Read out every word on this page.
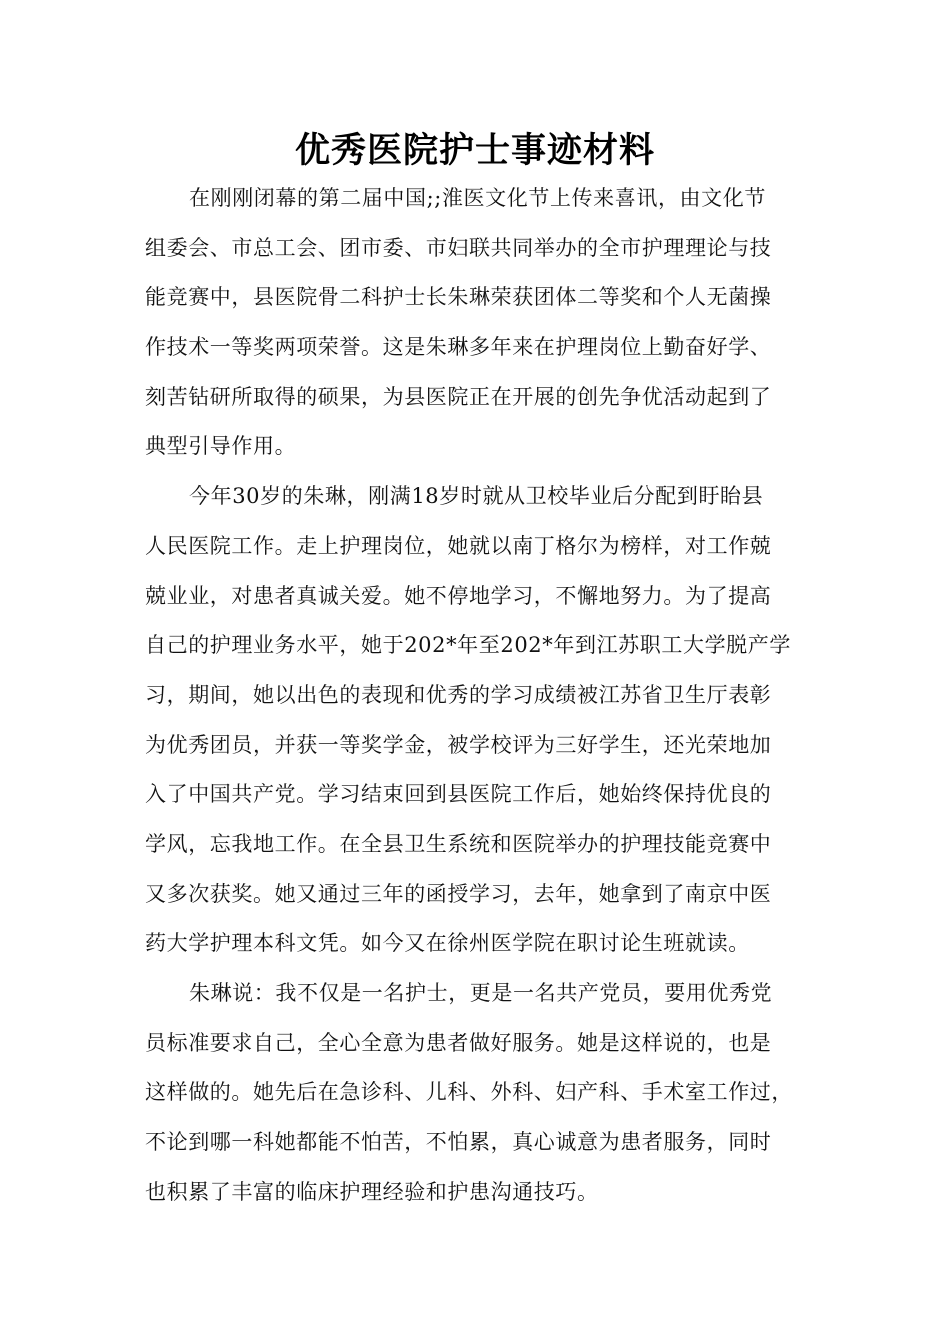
优秀医院护士事迹材料
在刚刚闭幕的第二届中国;;淮医文化节上传来喜讯，由文化节
组委会、市总工会、团市委、市妇联共同举办的全市护理理论与技
能竞赛中，县医院骨二科护士长朱琳荣获团体二等奖和个人无菌操
作技术一等奖两项荣誉。这是朱琳多年来在护理岗位上勤奋好学、
刻苦钻研所取得的硕果，为县医院正在开展的创先争优活动起到了
典型引导作用。
今年30岁的朱琳，刚满18岁时就从卫校毕业后分配到盱眙县
人民医院工作。走上护理岗位，她就以南丁格尔为榜样，对工作兢
兢业业，对患者真诚关爱。她不停地学习，不懈地努力。为了提高
自己的护理业务水平，她于202*年至202*年到江苏职工大学脱产学
习，期间，她以出色的表现和优秀的学习成绩被江苏省卫生厅表彰
为优秀团员，并获一等奖学金，被学校评为三好学生，还光荣地加
入了中国共产党。学习结束回到县医院工作后，她始终保持优良的
学风，忘我地工作。在全县卫生系统和医院举办的护理技能竞赛中
又多次获奖。她又通过三年的函授学习，去年，她拿到了南京中医
药大学护理本科文凭。如今又在徐州医学院在职讨论生班就读。
朱琳说：我不仅是一名护士，更是一名共产党员，要用优秀党
员标准要求自己，全心全意为患者做好服务。她是这样说的，也是
这样做的。她先后在急诊科、儿科、外科、妇产科、手术室工作过，
不论到哪一科她都能不怕苦，不怕累，真心诚意为患者服务，同时
也积累了丰富的临床护理经验和护患沟通技巧。
